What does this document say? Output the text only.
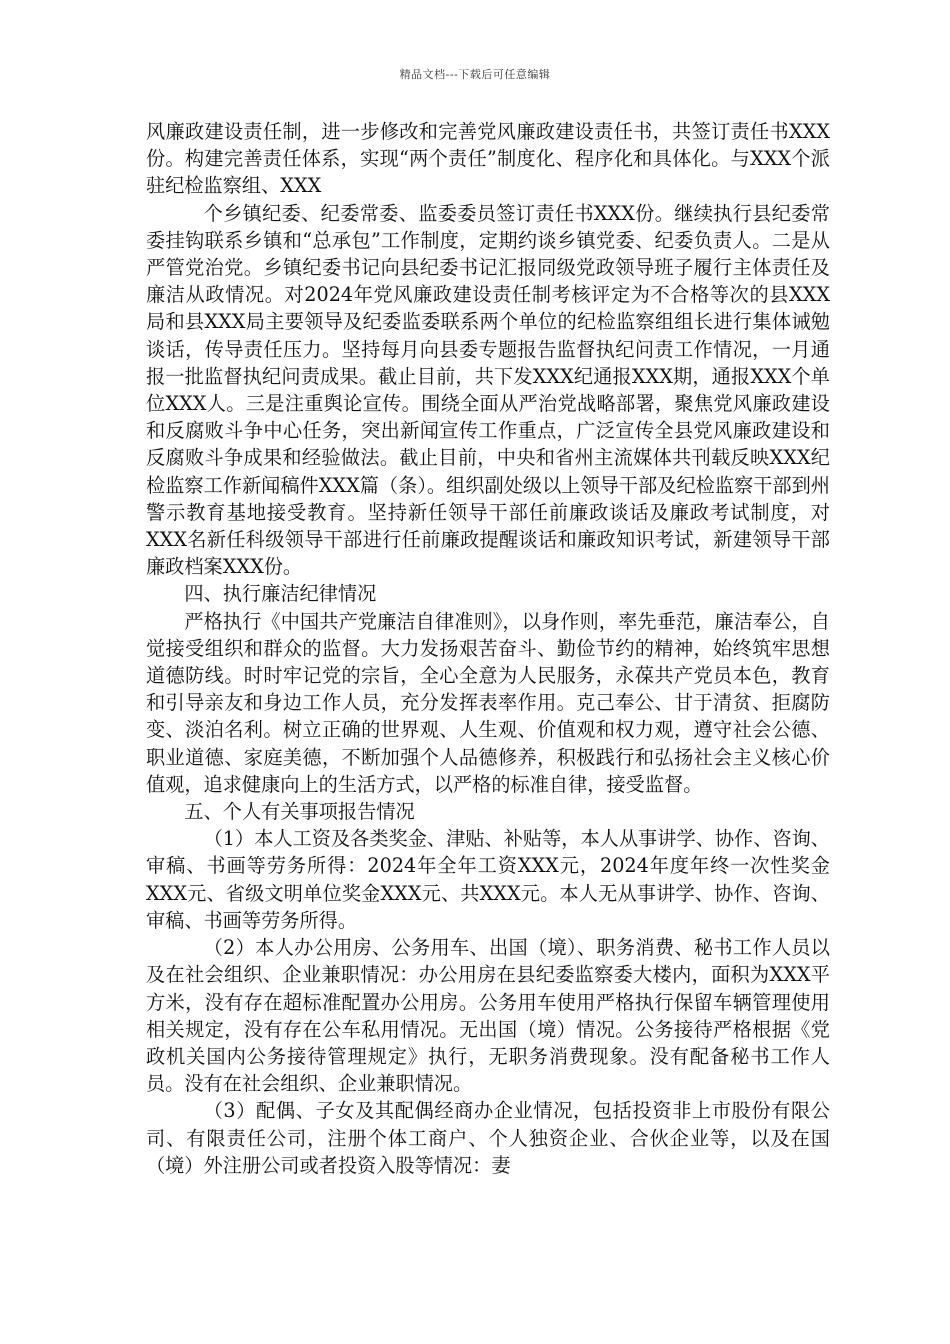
精品文档---下载后可任意编辑

风廉政建设责任制，进一步修改和完善党风廉政建设责任书，共签订责任书XXX份。构建完善责任体系，实现“两个责任”制度化、程序化和具体化。与XXX个派驻纪检监察组、XXX

个乡镇纪委、纪委常委、监委委员签订责任书XXX份。继续执行县纪委常委挂钩联系乡镇和“总承包”工作制度，定期约谈乡镇党委、纪委负责人。二是从严管党治党。乡镇纪委书记向县纪委书记汇报同级党政领导班子履行主体责任及廉洁从政情况。对2024年党风廉政建设责任制考核评定为不合格等次的县XXX局和县XXX局主要领导及纪委监委联系两个单位的纪检监察组组长进行集体诫勉谈话，传导责任压力。坚持每月向县委专题报告监督执纪问责工作情况，一月通报一批监督执纪问责成果。截止目前，共下发XXX纪通报XXX期，通报XXX个单位XXX人。三是注重舆论宣传。围绕全面从严治党战略部署，聚焦党风廉政建设和反腐败斗争中心任务，突出新闻宣传工作重点，广泛宣传全县党风廉政建设和反腐败斗争成果和经验做法。截止目前，中央和省州主流媒体共刊载反映XXX纪检监察工作新闻稿件XXX篇（条）。组织副处级以上领导干部及纪检监察干部到州警示教育基地接受教育。坚持新任领导干部任前廉政谈话及廉政考试制度，对XXX名新任科级领导干部进行任前廉政提醒谈话和廉政知识考试，新建领导干部廉政档案XXX份。

四、执行廉洁纪律情况

严格执行《中国共产党廉洁自律准则》，以身作则，率先垂范，廉洁奉公，自觉接受组织和群众的监督。大力发扬艰苦奋斗、勤俭节约的精神，始终筑牢思想道德防线。时时牢记党的宗旨，全心全意为人民服务，永葆共产党员本色，教育和引导亲友和身边工作人员，充分发挥表率作用。克己奉公、甘于清贫、拒腐防变、淡泊名利。树立正确的世界观、人生观、价值观和权力观，遵守社会公德、职业道德、家庭美德，不断加强个人品德修养，积极践行和弘扬社会主义核心价值观，追求健康向上的生活方式，以严格的标准自律，接受监督。

五、个人有关事项报告情况

（1）本人工资及各类奖金、津贴、补贴等，本人从事讲学、协作、咨询、审稿、书画等劳务所得：2024年全年工资XXX元，2024年度年终一次性奖金XXX元、省级文明单位奖金XXX元、共XXX元。本人无从事讲学、协作、咨询、审稿、书画等劳务所得。

（2）本人办公用房、公务用车、出国（境）、职务消费、秘书工作人员以及在社会组织、企业兼职情况：办公用房在县纪委监察委大楼内，面积为XXX平方米，没有存在超标准配置办公用房。公务用车使用严格执行保留车辆管理使用相关规定，没有存在公车私用情况。无出国（境）情况。公务接待严格根据《党政机关国内公务接待管理规定》执行，无职务消费现象。没有配备秘书工作人员。没有在社会组织、企业兼职情况。

（3）配偶、子女及其配偶经商办企业情况，包括投资非上市股份有限公司、有限责任公司，注册个体工商户、个人独资企业、合伙企业等，以及在国（境）外注册公司或者投资入股等情况：妻
